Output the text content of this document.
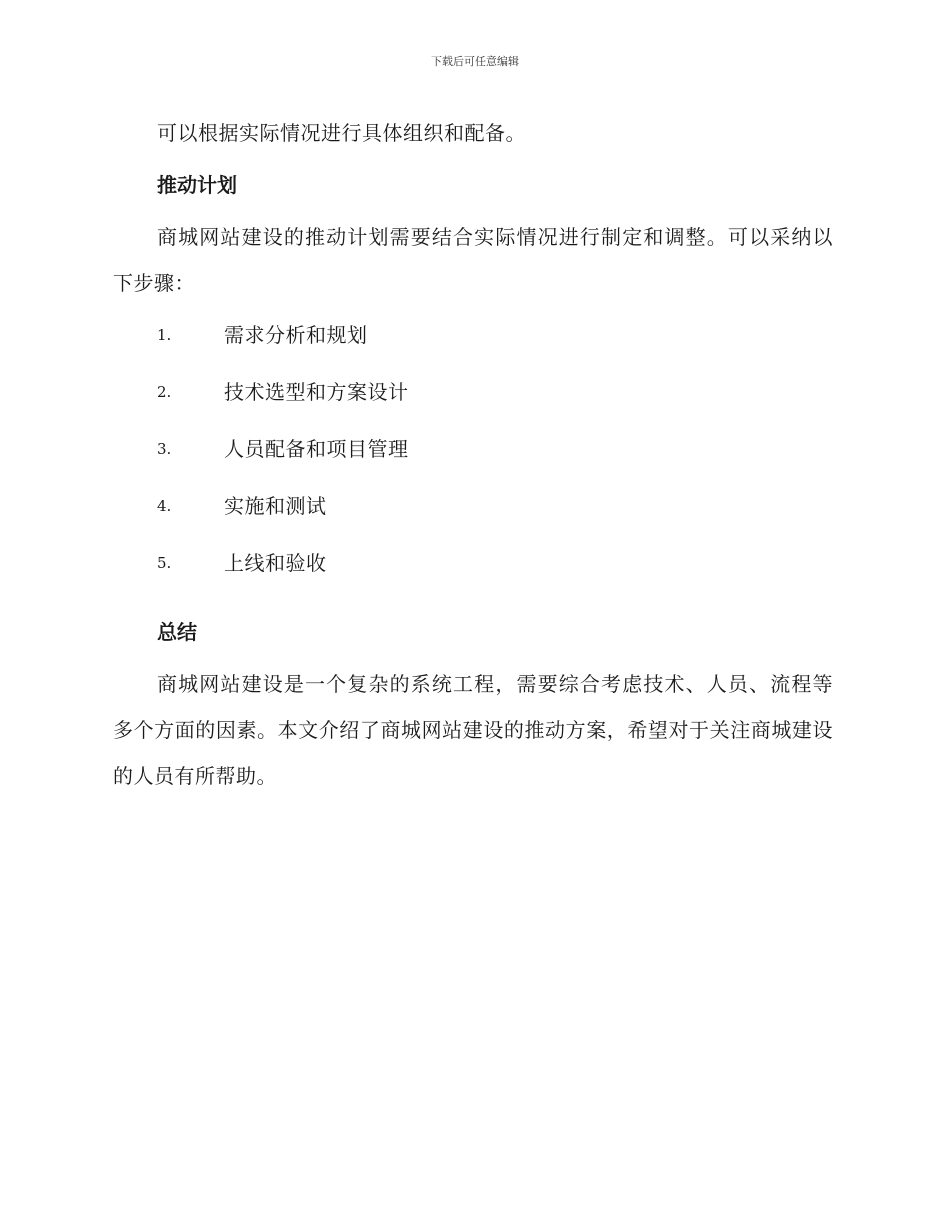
下载后可任意编辑

可以根据实际情况进行具体组织和配备。

推动计划

商城网站建设的推动计划需要结合实际情况进行制定和调整。可以采纳以下步骤：

1.	需求分析和规划
2.	技术选型和方案设计
3.	人员配备和项目管理
4.	实施和测试
5.	上线和验收
总结

商城网站建设是一个复杂的系统工程，需要综合考虑技术、人员、流程等多个方面的因素。本文介绍了商城网站建设的推动方案，希望对于关注商城建设的人员有所帮助。
